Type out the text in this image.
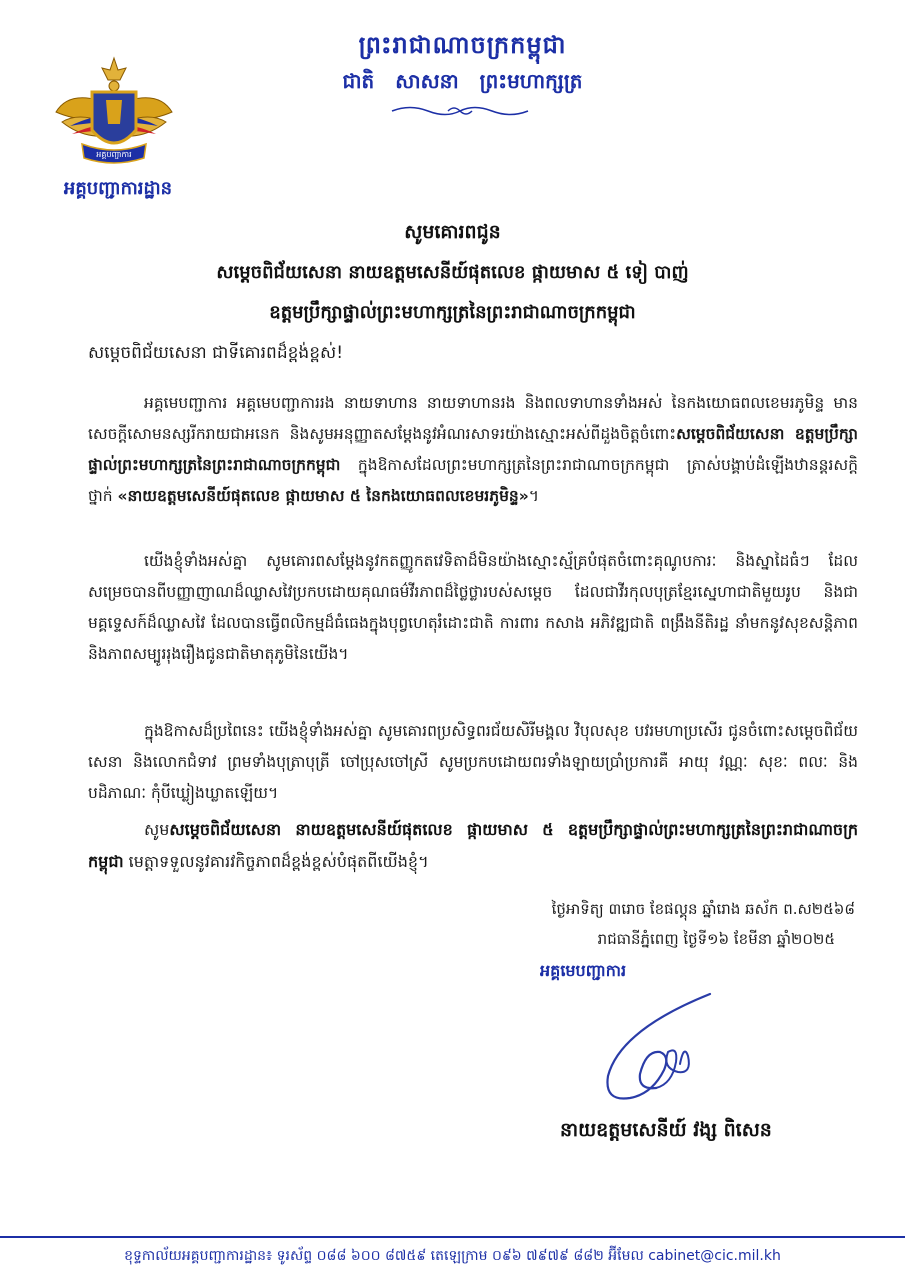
អគ្គបញ្ជាការ
អគ្គបញ្ជាការដ្ឋាន
ព្រះរាជាណាចក្រកម្ពុជា
ជាតិ សាសនា ព្រះមហាក្សត្រ
សូមគោរពជូន
សម្ដេចពិជ័យសេនា នាយឧត្ដមសេនីយ៍ផុតលេខ ផ្កាយមាស ៥ ទៀ បាញ់
ឧត្តមប្រឹក្សាផ្ទាល់ព្រះមហាក្សត្រនៃព្រះរាជាណាចក្រកម្ពុជា
សម្ដេចពិជ័យសេនា ជាទីគោរពដ៏ខ្ពង់ខ្ពស់!
អគ្គមេបញ្ជាការ អគ្គមេបញ្ជាការរង នាយទាហាន នាយទាហានរង និងពលទាហានទាំងអស់ នៃកងយោធពលខេមរភូមិន្ទ មានសេចក្ដីសោមនស្សរីករាយជាអនេក និងសូមអនុញ្ញាតសម្ដែងនូវអំណរសាទរយ៉ាងស្មោះអស់ពីដួងចិត្តចំពោះសម្ដេចពិជ័យសេនា ឧត្តមប្រឹក្សាផ្ទាល់ព្រះមហាក្សត្រនៃព្រះរាជាណាចក្រកម្ពុជា ក្នុងឱកាសដែលព្រះមហាក្សត្រនៃព្រះរាជាណាចក្រកម្ពុជា ត្រាស់បង្គាប់ដំឡើងឋានន្តរសក្តិ ថ្នាក់ «នាយឧត្តមសេនីយ៍ផុតលេខ ផ្កាយមាស ៥ នៃកងយោធពលខេមរភូមិន្ទ»។
យើងខ្ញុំទាំងអស់គ្នា សូមគោរពសម្ដែងនូវកតញ្ញូកតវេទិតាដ៏មិនយ៉ាងស្មោះស្ម័គ្របំផុតចំពោះគុណូបការៈ និងស្នាដៃធំៗ ដែលសម្រេចបានពីបញ្ញាញាណដ៏ឈ្លាសវៃប្រកបដោយគុណធម៌វីរភាពដ៏ថ្លៃថ្លារបស់សម្ដេច ដែលជាវីរកុលបុត្រខ្មែរស្នេហាជាតិមួយរូប និងជាមគ្គទ្ទេសក៍ដ៏ឈ្លាសវៃ ដែលបានធ្វើពលិកម្មដ៏ធំធេងក្នុងបុព្វហេតុរំដោះជាតិ ការពារ កសាង អភិវឌ្ឍជាតិ ពង្រឹងនីតិរដ្ឋ នាំមកនូវសុខសន្តិភាព និងភាពសម្បូររុងរឿងជូនជាតិមាតុភូមិនៃយើង។
ក្នុងឱកាសដ៏ប្រពៃនេះ យើងខ្ញុំទាំងអស់គ្នា សូមគោរពប្រសិទ្ធពរជ័យសិរីមង្គល វិបុលសុខ បវរមហាប្រសើរ ជូនចំពោះសម្ដេចពិជ័យសេនា និងលោកជំទាវ ព្រមទាំងបុត្រាបុត្រី ចៅប្រុសចៅស្រី សូមប្រកបដោយពរទាំងឡាយប្រាំប្រការគឺ អាយុ វណ្ណៈ សុខៈ ពលៈ និងបដិភាណៈ កុំបីឃ្លៀងឃ្លាតឡើយ។
សូមសម្ដេចពិជ័យសេនា នាយឧត្តមសេនីយ៍ផុតលេខ ផ្កាយមាស ៥ ឧត្តមប្រឹក្សាផ្ទាល់ព្រះមហាក្សត្រនៃព្រះរាជាណាចក្រកម្ពុជា មេត្តាទទួលនូវគារវកិច្ចភាពដ៏ខ្ពង់ខ្ពស់បំផុតពីយើងខ្ញុំ។
ថ្ងៃអាទិត្យ ៣រោច ខែផល្គុន ឆ្នាំរោង ឆស័ក ព.ស២៥៦៨
រាជធានីភ្នំពេញ ថ្ងៃទី១៦ ខែមីនា ឆ្នាំ២០២៥
អគ្គមេបញ្ជាការ
នាយឧត្តមសេនីយ៍ វង្ស ពិសេន
ខុទ្ទកាល័យអគ្គបញ្ជាការដ្ឋាន៖ ទូរស័ព្ទ ០៨៨ ៦០០ ៨៧៥៩ តេឡេក្រាម ០៩៦ ៧៩៧៩ ៨៨២ អ៊ីមែល cabinet@cic.mil.kh
